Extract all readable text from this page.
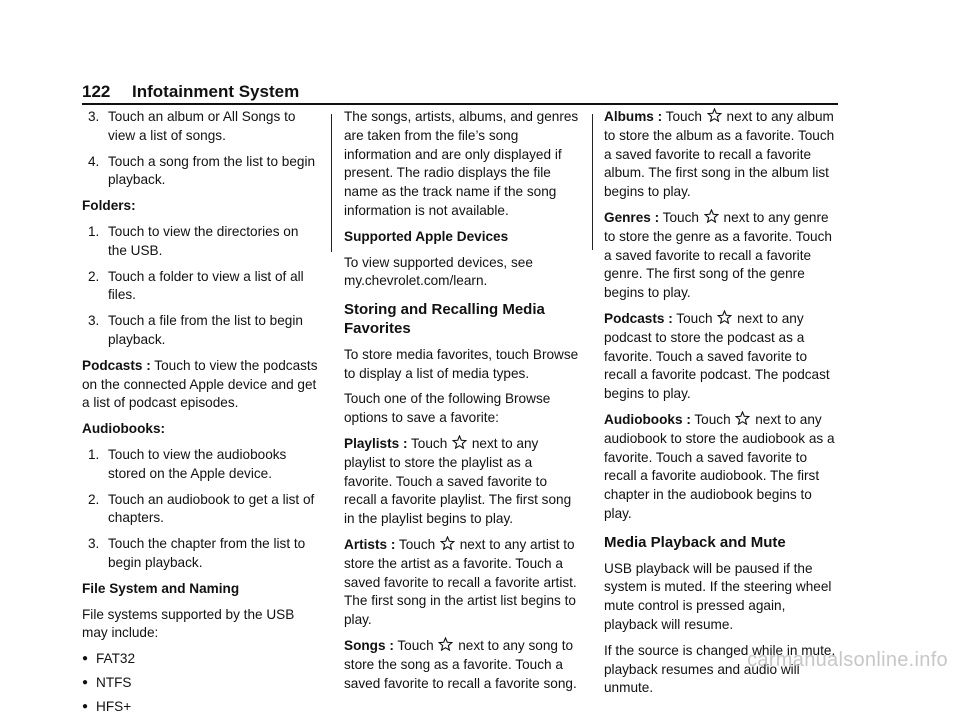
122	Infotainment System
3. Touch an album or All Songs to view a list of songs.
4. Touch a song from the list to begin playback.

Folders:

1. Touch to view the directories on the USB.
2. Touch a folder to view a list of all files.
3. Touch a file from the list to begin playback.

Podcasts : Touch to view the podcasts on the connected Apple device and get a list of podcast episodes.

Audiobooks:

1. Touch to view the audiobooks stored on the Apple device.
2. Touch an audiobook to get a list of chapters.
3. Touch the chapter from the list to begin playback.

File System and Naming

File systems supported by the USB may include:

● FAT32
● NTFS
● HFS+

The songs, artists, albums, and genres are taken from the file’s song information and are only displayed if present. The radio displays the file name as the track name if the song information is not available.

Supported Apple Devices

To view supported devices, see my.chevrolet.com/learn.

Storing and Recalling Media Favorites

To store media favorites, touch Browse to display a list of media types.

Touch one of the following Browse options to save a favorite:

Playlists : Touch  next to any playlist to store the playlist as a favorite. Touch a saved favorite to recall a favorite playlist. The first song in the playlist begins to play.

Artists : Touch  next to any artist to store the artist as a favorite. Touch a saved favorite to recall a favorite artist. The first song in the artist list begins to play.

Songs : Touch  next to any song to store the song as a favorite. Touch a saved favorite to recall a favorite song.

Albums : Touch  next to any album to store the album as a favorite. Touch a saved favorite to recall a favorite album. The first song in the album list begins to play.

Genres : Touch  next to any genre to store the genre as a favorite. Touch a saved favorite to recall a favorite genre. The first song of the genre begins to play.

Podcasts : Touch  next to any podcast to store the podcast as a favorite. Touch a saved favorite to recall a favorite podcast. The podcast begins to play.

Audiobooks : Touch  next to any audiobook to store the audiobook as a favorite. Touch a saved favorite to recall a favorite audiobook. The first chapter in the audiobook begins to play.

Media Playback and Mute

USB playback will be paused if the system is muted. If the steering wheel mute control is pressed again, playback will resume.

If the source is changed while in mute, playback resumes and audio will unmute.

carmanualsonline.info
